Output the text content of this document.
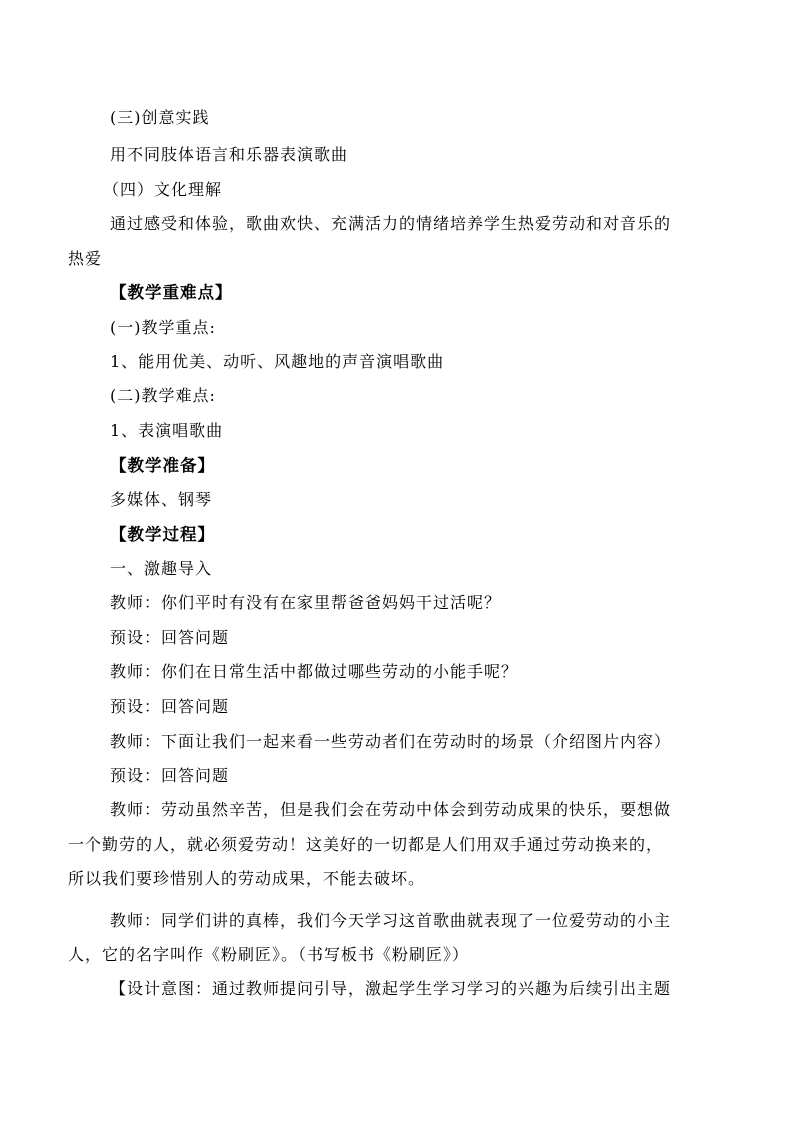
(三)创意实践
用不同肢体语言和乐器表演歌曲
（四）文化理解
通过感受和体验，歌曲欢快、充满活力的情绪培养学生热爱劳动和对音乐的
热爱
【教学重难点】
(一)教学重点:
1、能用优美、动听、风趣地的声音演唱歌曲
(二)教学难点:
1、表演唱歌曲
【教学准备】
多媒体、钢琴
【教学过程】
一、激趣导入
教师：你们平时有没有在家里帮爸爸妈妈干过活呢？
预设：回答问题
教师：你们在日常生活中都做过哪些劳动的小能手呢？
预设：回答问题
教师：下面让我们一起来看一些劳动者们在劳动时的场景（介绍图片内容）
预设：回答问题
教师：劳动虽然辛苦，但是我们会在劳动中体会到劳动成果的快乐，要想做
一个勤劳的人，就必须爱劳动！这美好的一切都是人们用双手通过劳动换来的，
所以我们要珍惜别人的劳动成果，不能去破坏。
教师：同学们讲的真棒，我们今天学习这首歌曲就表现了一位爱劳动的小主
人，它的名字叫作《粉刷匠》。（书写板书《粉刷匠》）
【设计意图：通过教师提问引导，激起学生学习学习的兴趣为后续引出主题
